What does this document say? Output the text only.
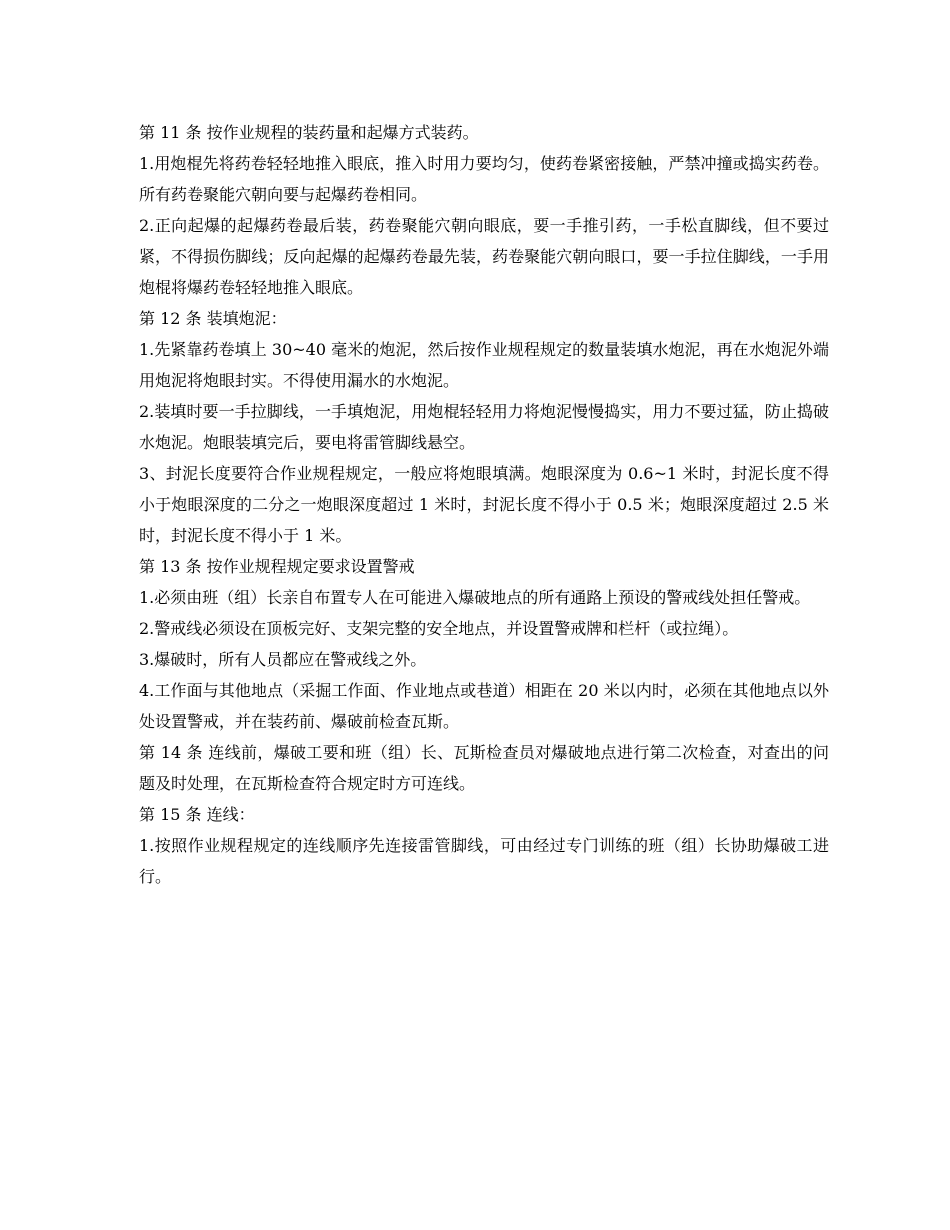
第 11 条 按作业规程的装药量和起爆方式装药。

1.用炮棍先将药卷轻轻地推入眼底，推入时用力要均匀，使药卷紧密接触，严禁冲撞或捣实药卷。所有药卷聚能穴朝向要与起爆药卷相同。

2.正向起爆的起爆药卷最后装，药卷聚能穴朝向眼底，要一手推引药，一手松直脚线，但不要过紧，不得损伤脚线；反向起爆的起爆药卷最先装，药卷聚能穴朝向眼口，要一手拉住脚线，一手用炮棍将爆药卷轻轻地推入眼底。

第 12 条 装填炮泥：

1.先紧靠药卷填上 30~40 毫米的炮泥，然后按作业规程规定的数量装填水炮泥，再在水炮泥外端用炮泥将炮眼封实。不得使用漏水的水炮泥。

2.装填时要一手拉脚线，一手填炮泥，用炮棍轻轻用力将炮泥慢慢捣实，用力不要过猛，防止捣破水炮泥。炮眼装填完后，要电将雷管脚线悬空。

3、封泥长度要符合作业规程规定，一般应将炮眼填满。炮眼深度为 0.6~1 米时，封泥长度不得小于炮眼深度的二分之一炮眼深度超过 1 米时，封泥长度不得小于 0.5 米；炮眼深度超过 2.5 米时，封泥长度不得小于 1 米。

第 13 条 按作业规程规定要求设置警戒

1.必须由班（组）长亲自布置专人在可能进入爆破地点的所有通路上预设的警戒线处担任警戒。

2.警戒线必须设在顶板完好、支架完整的安全地点，并设置警戒牌和栏杆（或拉绳）。

3.爆破时，所有人员都应在警戒线之外。

4.工作面与其他地点（采掘工作面、作业地点或巷道）相距在 20 米以内时，必须在其他地点以外处设置警戒，并在装药前、爆破前检查瓦斯。

第 14 条 连线前，爆破工要和班（组）长、瓦斯检查员对爆破地点进行第二次检查，对查出的问题及时处理，在瓦斯检查符合规定时方可连线。

第 15 条 连线：

1.按照作业规程规定的连线顺序先连接雷管脚线，可由经过专门训练的班（组）长协助爆破工进行。
